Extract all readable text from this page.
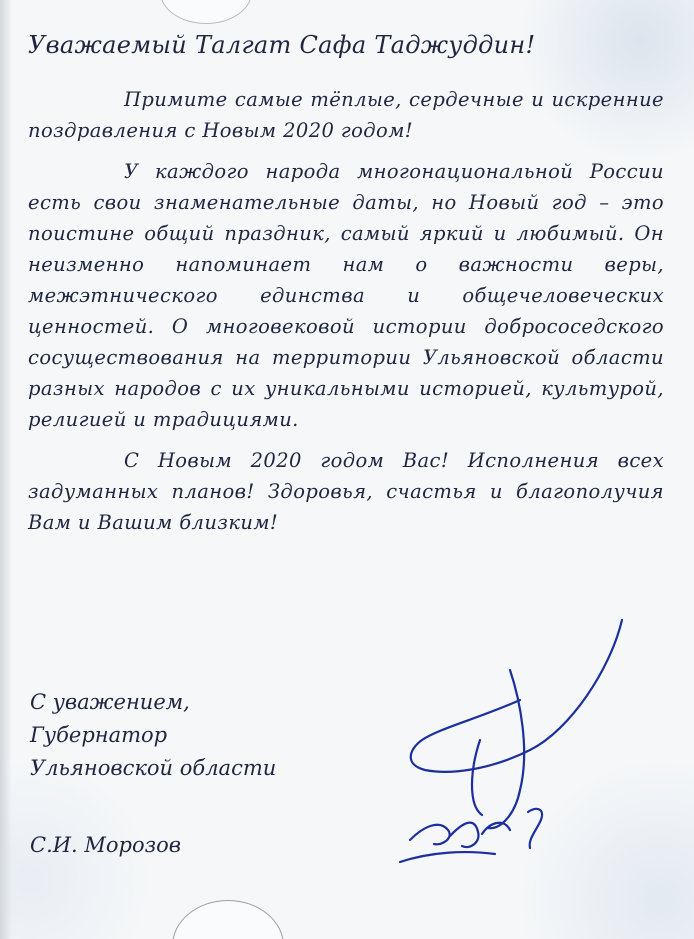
Уважаемый Талгат Сафа Таджуддин!

Примите самые тёплые, сердечные и искренние поздравления с Новым 2020 годом!

У каждого народа многонациональной России есть свои знаменательные даты, но Новый год – это поистине общий праздник, самый яркий и любимый. Он неизменно напоминает нам о важности веры, межэтнического единства и общечеловеческих ценностей. О многовековой истории добрососедского сосуществования на территории Ульяновской области разных народов с их уникальными историей, культурой, религией и традициями.

С Новым 2020 годом Вас! Исполнения всех задуманных планов! Здоровья, счастья и благополучия Вам и Вашим близким!

С уважением,
Губернатор
Ульяновской области
С.И. Морозов
